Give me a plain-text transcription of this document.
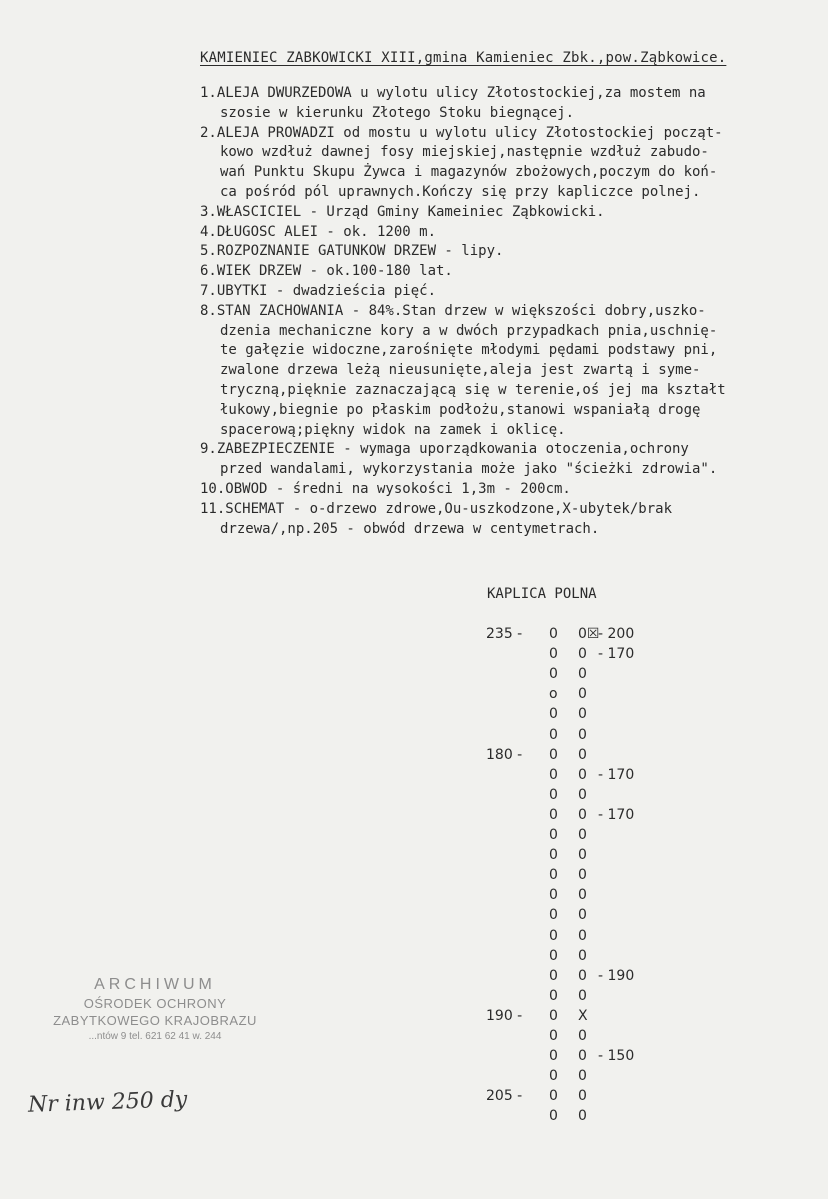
KAMIENIEC ZABKOWICKI XIII,gmina Kamieniec Zbk.,pow.Ząbkowice.
1.ALEJA DWURZEDOWA u wylotu ulicy Złotostockiej,za mostem na
szosie w kierunku Złotego Stoku biegnącej.
2.ALEJA PROWADZI od mostu u wylotu ulicy Złotostockiej począt-
kowo wzdłuż dawnej fosy miejskiej,następnie wzdłuż zabudo-
wań Punktu Skupu Żywca i magazynów zbożowych,poczym do koń-
ca pośród pól uprawnych.Kończy się przy kapliczce polnej.
3.WŁASCICIEL - Urząd Gminy Kameiniec Ząbkowicki.
4.DŁUGOSC ALEI - ok. 1200 m.
5.ROZPOZNANIE GATUNKOW DRZEW - lipy.
6.WIEK DRZEW - ok.100-180 lat.
7.UBYTKI - dwadzieścia pięć.
8.STAN ZACHOWANIA - 84%.Stan drzew w większości dobry,uszko-
dzenia mechaniczne kory a w dwóch przypadkach pnia,uschnię-
te gałęzie widoczne,zarośnięte młodymi pędami podstawy pni,
zwalone drzewa leżą nieusunięte,aleja jest zwartą i syme-
tryczną,pięknie zaznaczającą się w terenie,oś jej ma kształt
łukowy,biegnie po płaskim podłożu,stanowi wspaniałą drogę
spacerową;piękny widok na zamek i oklicę.
9.ZABEZPIECZENIE - wymaga uporządkowania otoczenia,ochrony
przed wandalami, wykorzystania może jako "ścieżki zdrowia".
10.OBWOD - średni na wysokości 1,3m - 200cm.
11.SCHEMAT - o-drzewo zdrowe,Ou-uszkodzone,X-ubytek/brak
drzewa/,np.205 - obwód drzewa w centymetrach.
KAPLICA POLNA
235 - 0 0☒
- 200
0 0 - 170
0 0
o 0
0 0
0 0
180 - 0 0
0 0 - 170
0 0
0 0 - 170
0 0
0 0
0 0
0 0
0 0
0 0
0 0
0 0 - 190
0 0
190 - 0 X
0 0
0 0 - 150
0 0
205 - 0 0
0 0
ARCHIWUM
OŚRODEK OCHRONY
ZABYTKOWEGO KRAJOBRAZU
...ntów 9 tel. 621 62 41 w. 244
Nr inw 250 dy
